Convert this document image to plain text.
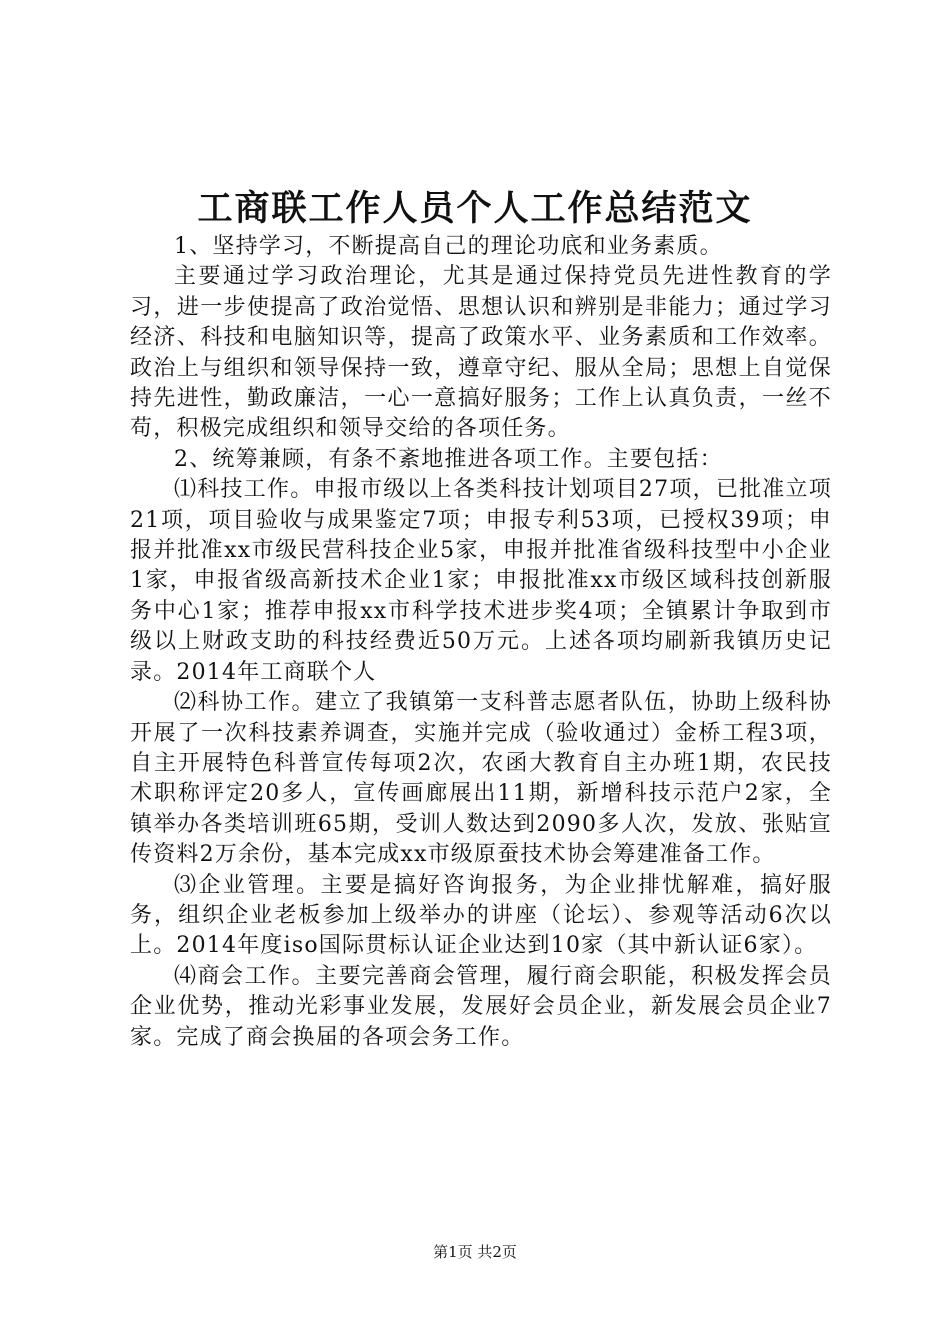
工商联工作人员个人工作总结范文

1、坚持学习，不断提高自己的理论功底和业务素质。

主要通过学习政治理论，尤其是通过保持党员先进性教育的学习，进一步使提高了政治觉悟、思想认识和辨别是非能力；通过学习经济、科技和电脑知识等，提高了政策水平、业务素质和工作效率。政治上与组织和领导保持一致，遵章守纪、服从全局；思想上自觉保持先进性，勤政廉洁，一心一意搞好服务；工作上认真负责，一丝不苟，积极完成组织和领导交给的各项任务。

2、统筹兼顾，有条不紊地推进各项工作。主要包括：

⑴科技工作。申报市级以上各类科技计划项目27项，已批准立项21项，项目验收与成果鉴定7项；申报专利53项，已授权39项；申报并批准xx市级民营科技企业5家，申报并批准省级科技型中小企业1家，申报省级高新技术企业1家；申报批准xx市级区域科技创新服务中心1家；推荐申报xx市科学技术进步奖4项；全镇累计争取到市级以上财政支助的科技经费近50万元。上述各项均刷新我镇历史记录。2014年工商联个人

⑵科协工作。建立了我镇第一支科普志愿者队伍，协助上级科协开展了一次科技素养调查，实施并完成（验收通过）金桥工程3项，自主开展特色科普宣传每项2次，农函大教育自主办班1期，农民技术职称评定20多人，宣传画廊展出11期，新增科技示范户2家，全镇举办各类培训班65期，受训人数达到2090多人次，发放、张贴宣传资料2万余份，基本完成xx市级原蚕技术协会筹建准备工作。

⑶企业管理。主要是搞好咨询报务，为企业排忧解难，搞好服务，组织企业老板参加上级举办的讲座（论坛）、参观等活动6次以上。2014年度iso国际贯标认证企业达到10家（其中新认证6家）。

⑷商会工作。主要完善商会管理，履行商会职能，积极发挥会员企业优势，推动光彩事业发展，发展好会员企业，新发展会员企业7家。完成了商会换届的各项会务工作。

第1页 共2页
